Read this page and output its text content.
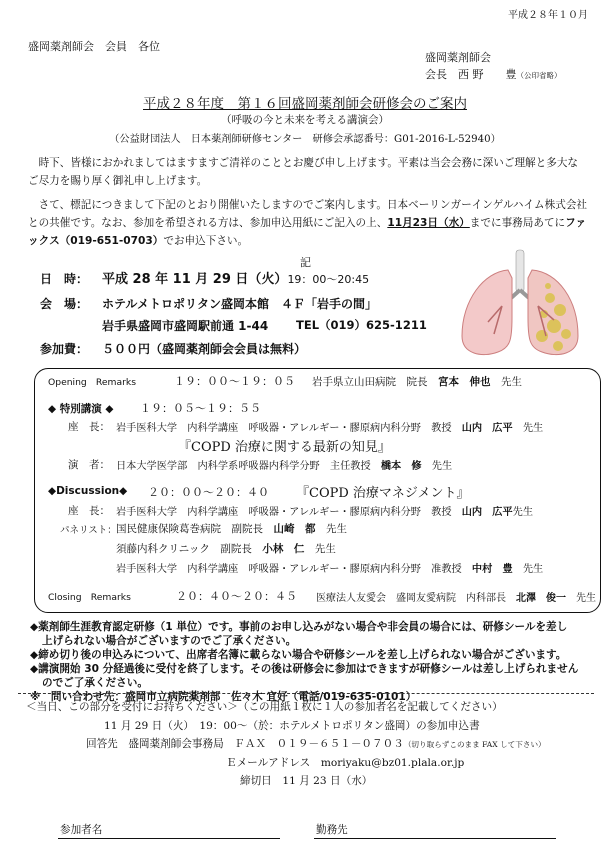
平成２８年１０月
盛岡薬剤師会　会員　各位
盛岡薬剤師会
会長　西 野　　豊（公印省略）
平成２８年度　第１６回盛岡薬剤師会研修会のご案内
（呼吸の今と未来を考える講演会）
（公益財団法人　日本薬剤師研修センター　研修会承認番号：G01-2016-L-52940）
時下、皆様におかれましてはますますご清祥のこととお慶び申し上げます。平素は当会会務に深いご理解と多大なご尽力を賜り厚く御礼申し上げます。
さて、標記につきまして下記のとおり開催いたしますのでご案内します。日本ベーリンガーインゲルハイム株式会社との共催です。なお、参加を希望される方は、参加申込用紙にご記入の上、11月23日（水）までに事務局あてにファックス（019-651-0703）でお申込下さい。
記
日　時： 平成 28 年 11 月 29 日（火）19：00〜20:45
会　場： ホテルメトロポリタン盛岡本館　４Ｆ「岩手の間」
岩手県盛岡市盛岡駅前通 1-44 TEL（019）625-1211
参加費： ５００円（盛岡薬剤師会会員は無料）
Opening　Remarks	１９：００〜１９：０５ 岩手県立山田病院　院長　宮本　伸也　先生
◆ 特別講演 ◆ １９：０５〜１９：５５
座　長： 岩手医科大学　内科学講座　呼吸器・アレルギー・膠原病内科分野　教授　山内　広平　先生
『COPD 治療に関する最新の知見』
演　者： 日本大学医学部　内科学系呼吸器内科学分野　主任教授　橋本　修　先生
◆Discussion◆ ２０：００〜２０：４０ 『COPD 治療マネジメント』
座　長： 岩手医科大学　内科学講座　呼吸器・アレルギー・膠原病内科分野　教授　山内　広平先生
パネリスト： 国民健康保険葛巻病院　副院長　山崎　都　先生
須藤内科クリニック　副院長　小林　仁　先生
岩手医科大学　内科学講座　呼吸器・アレルギー・膠原病内科分野　准教授　中村　豊　先生
Closing　Remarks	２０：４０〜２０：４５ 医療法人友愛会　盛岡友愛病院　内科部長　北澤　俊一　先生
◆薬剤師生涯教育認定研修（1 単位）です。事前のお申し込みがない場合や非会員の場合には、研修シールを差し
上げられない場合がございますのでご了承ください。
◆締め切り後の申込みについて、出席者名簿に載らない場合や研修シールを差し上げられない場合がございます。
◆講演開始 30 分経過後に受付を終了します。その後は研修会に参加はできますが研修シールは差し上げられません
のでご了承ください。
※　問い合わせ先：盛岡市立病院薬剤部　佐々木 宜好（電話/019-635-0101）
＜当日、この部分を受付にお持ちください＞（この用紙１枚に１人の参加者名を記載してください）
11 月 29 日（火）　19：00〜（於：ホテルメトロポリタン盛岡）の参加申込書
回答先　盛岡薬剤師会事務局　ＦＡＸ　０１９－６５１－０７０３（切り取らずこのまま FAX して下さい）
Ｅメールアドレス　moriyaku@bz01.plala.or.jp
締切日　11 月 23 日（水）
参加者名	勤務先
